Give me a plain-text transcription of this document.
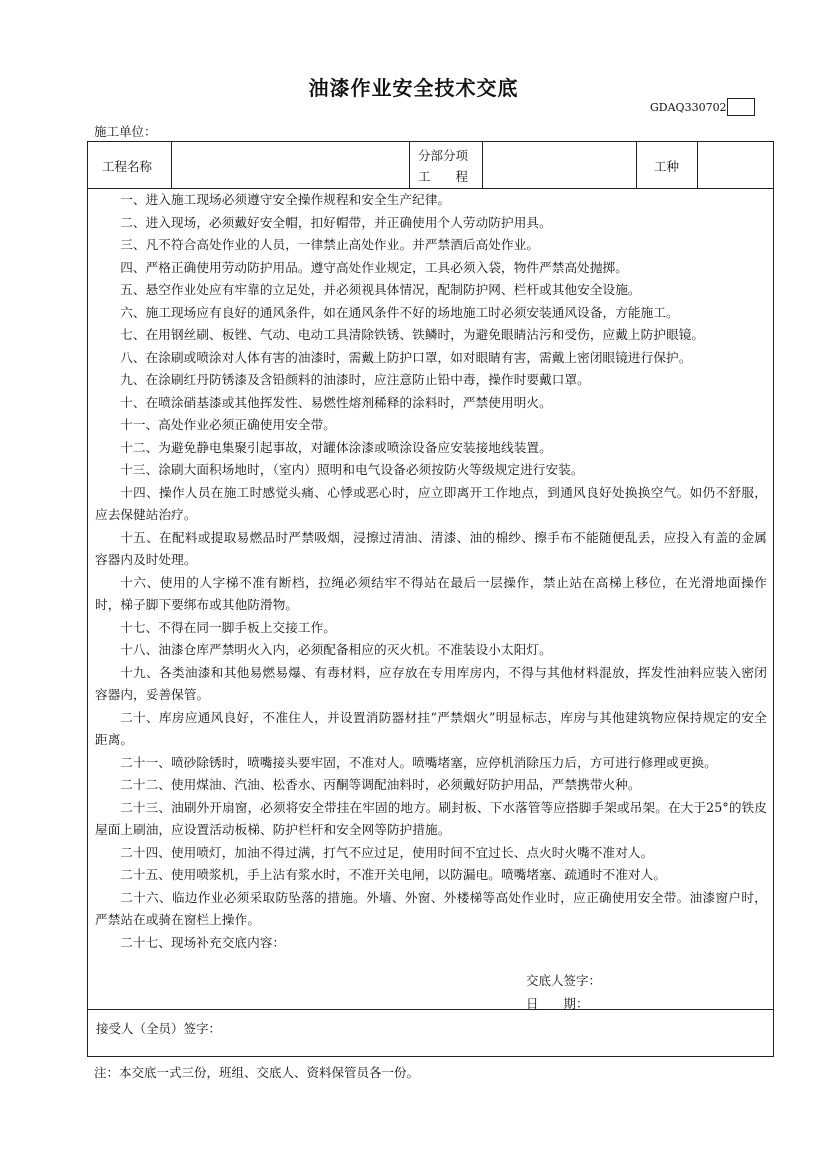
油漆作业安全技术交底
GDAQ330702
施工单位：
工程名称
分部分项
工　　程
工种

一、进入施工现场必须遵守安全操作规程和安全生产纪律。

二、进入现场，必须戴好安全帽，扣好帽带，并正确使用个人劳动防护用具。

三、凡不符合高处作业的人员，一律禁止高处作业。并严禁酒后高处作业。

四、严格正确使用劳动防护用品。遵守高处作业规定，工具必须入袋，物件严禁高处抛掷。

五、悬空作业处应有牢靠的立足处，并必须视具体情况，配制防护网、栏杆或其他安全设施。

六、施工现场应有良好的通风条件，如在通风条件不好的场地施工时必须安装通风设备，方能施工。

七、在用钢丝刷、板锉、气动、电动工具清除铁锈、铁鳞时，为避免眼睛沾污和受伤，应戴上防护眼镜。

八、在涂刷或喷涂对人体有害的油漆时，需戴上防护口罩，如对眼睛有害，需戴上密闭眼镜进行保护。

九、在涂刷红丹防锈漆及含铅颜料的油漆时，应注意防止铅中毒，操作时要戴口罩。

十、在喷涂硝基漆或其他挥发性、易燃性熔剂稀释的涂料时，严禁使用明火。

十一、高处作业必须正确使用安全带。

十二、为避免静电集聚引起事故，对罐体涂漆或喷涂设备应安装接地线装置。

十三、涂刷大面积场地时，（室内）照明和电气设备必须按防火等级规定进行安装。

十四、操作人员在施工时感觉头痛、心悸或恶心时，应立即离开工作地点，到通风良好处换换空气。如仍不舒服，应去保健站治疗。

十五、在配料或提取易燃品时严禁吸烟，浸擦过清油、清漆、油的棉纱、擦手布不能随便乱丢，应投入有盖的金属容器内及时处理。

十六、使用的人字梯不准有断档，拉绳必须结牢不得站在最后一层操作，禁止站在高梯上移位，在光滑地面操作时，梯子脚下要绑布或其他防滑物。

十七、不得在同一脚手板上交接工作。

十八、油漆仓库严禁明火入内，必须配备相应的灭火机。不准装设小太阳灯。

十九、各类油漆和其他易燃易爆、有毒材料，应存放在专用库房内，不得与其他材料混放，挥发性油料应装入密闭容器内，妥善保管。

二十、库房应通风良好，不准住人，并设置消防器材挂“严禁烟火”明显标志，库房与其他建筑物应保持规定的安全距离。

二十一、喷砂除锈时，喷嘴接头要牢固，不准对人。喷嘴堵塞，应停机消除压力后，方可进行修理或更换。

二十二、使用煤油、汽油、松香水、丙酮等调配油料时，必须戴好防护用品，严禁携带火种。

二十三、油刷外开扇窗，必须将安全带挂在牢固的地方。刷封板、下水落管等应搭脚手架或吊架。在大于25°的铁皮屋面上刷油，应设置活动板梯、防护栏杆和安全网等防护措施。

二十四、使用喷灯，加油不得过满，打气不应过足，使用时间不宜过长、点火时火嘴不准对人。

二十五、使用喷浆机，手上沾有浆水时，不准开关电闸，以防漏电。喷嘴堵塞、疏通时不准对人。

二十六、临边作业必须采取防坠落的措施。外墙、外窗、外楼梯等高处作业时，应正确使用安全带。油漆窗户时，严禁站在或骑在窗栏上操作。

二十七、现场补充交底内容：

交底人签字：
日　　期：
接受人（全员）签字：
注：本交底一式三份，班组、交底人、资料保管员各一份。
